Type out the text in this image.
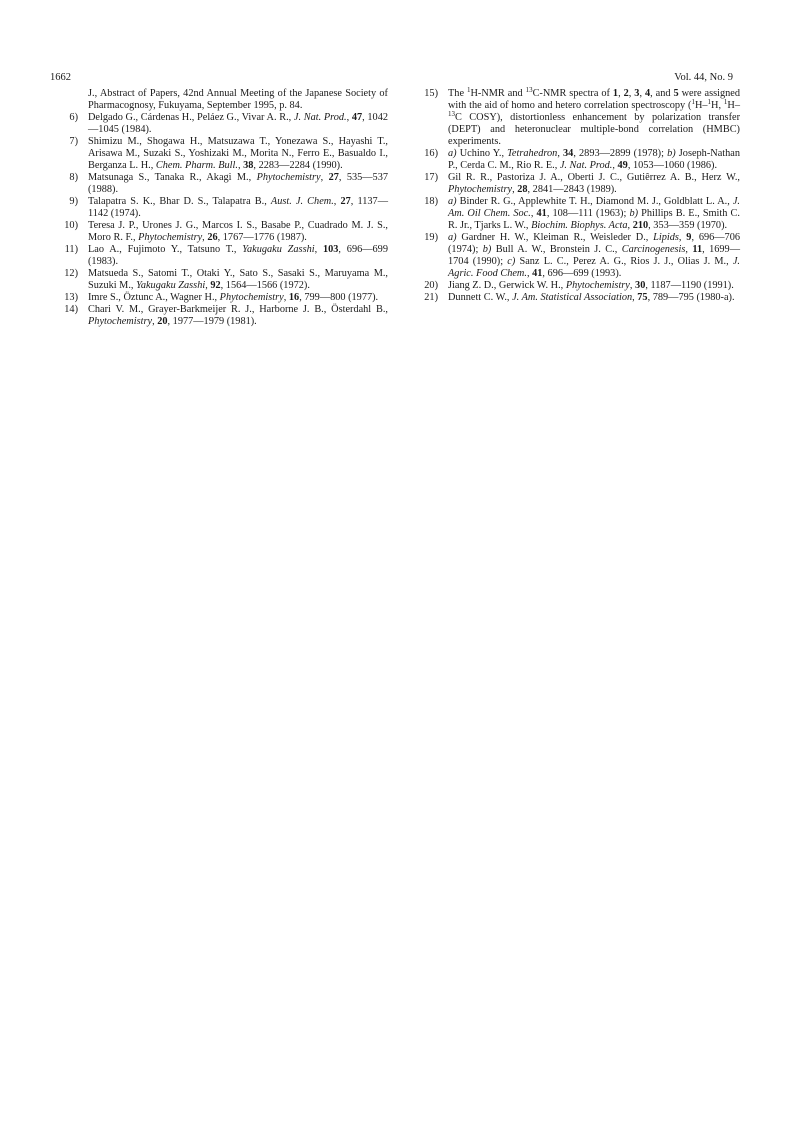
1662	Vol. 44, No. 9
J., Abstract of Papers, 42nd Annual Meeting of the Japanese Society of Pharmacognosy, Fukuyama, September 1995, p. 84.
6) Delgado G., Cárdenas H., Peláez G., Vivar A. R., J. Nat. Prod., 47, 1042—1045 (1984).
7) Shimizu M., Shogawa H., Matsuzawa T., Yonezawa S., Hayashi T., Arisawa M., Suzaki S., Yoshizaki M., Morita N., Ferro E., Basualdo I., Berganza L. H., Chem. Pharm. Bull., 38, 2283—2284 (1990).
8) Matsunaga S., Tanaka R., Akagi M., Phytochemistry, 27, 535—537 (1988).
9) Talapatra S. K., Bhar D. S., Talapatra B., Aust. J. Chem., 27, 1137—1142 (1974).
10) Teresa J. P., Urones J. G., Marcos I. S., Basabe P., Cuadrado M. J. S., Moro R. F., Phytochemistry, 26, 1767—1776 (1987).
11) Lao A., Fujimoto Y., Tatsuno T., Yakugaku Zasshi, 103, 696—699 (1983).
12) Matsueda S., Satomi T., Otaki Y., Sato S., Sasaki S., Maruyama M., Suzuki M., Yakugaku Zasshi, 92, 1564—1566 (1972).
13) Imre S., Öztunc A., Wagner H., Phytochemistry, 16, 799—800 (1977).
14) Chari V. M., Grayer-Barkmeijer R. J., Harborne J. B., Österdahl B., Phytochemistry, 20, 1977—1979 (1981).
15) The $^1$H-NMR and $^{13}$C-NMR spectra of 1, 2, 3, 4, and 5 were assigned with the aid of homo and hetero correlation spectroscopy ($^1$H–$^1$H, $^1$H–$^{13}$C COSY), distortionless enhancement by polarization transfer (DEPT) and heteronuclear multiple-bond correlation (HMBC) experiments.
16) a) Uchino Y., Tetrahedron, 34, 2893—2899 (1978); b) Joseph-Nathan P., Cerda C. M., Rio R. E., J. Nat. Prod., 49, 1053—1060 (1986).
17) Gil R. R., Pastoriza J. A., Oberti J. C., Gutiêrrez A. B., Herz W., Phytochemistry, 28, 2841—2843 (1989).
18) a) Binder R. G., Applewhite T. H., Diamond M. J., Goldblatt L. A., J. Am. Oil Chem. Soc., 41, 108—111 (1963); b) Phillips B. E., Smith C. R. Jr., Tjarks L. W., Biochim. Biophys. Acta, 210, 353—359 (1970).
19) a) Gardner H. W., Kleiman R., Weisleder D., Lipids, 9, 696—706 (1974); b) Bull A. W., Bronstein J. C., Carcinogenesis, 11, 1699—1704 (1990); c) Sanz L. C., Perez A. G., Rios J. J., Olias J. M., J. Agric. Food Chem., 41, 696—699 (1993).
20) Jiang Z. D., Gerwick W. H., Phytochemistry, 30, 1187—1190 (1991).
21) Dunnett C. W., J. Am. Statistical Association, 75, 789—795 (1980-a).
